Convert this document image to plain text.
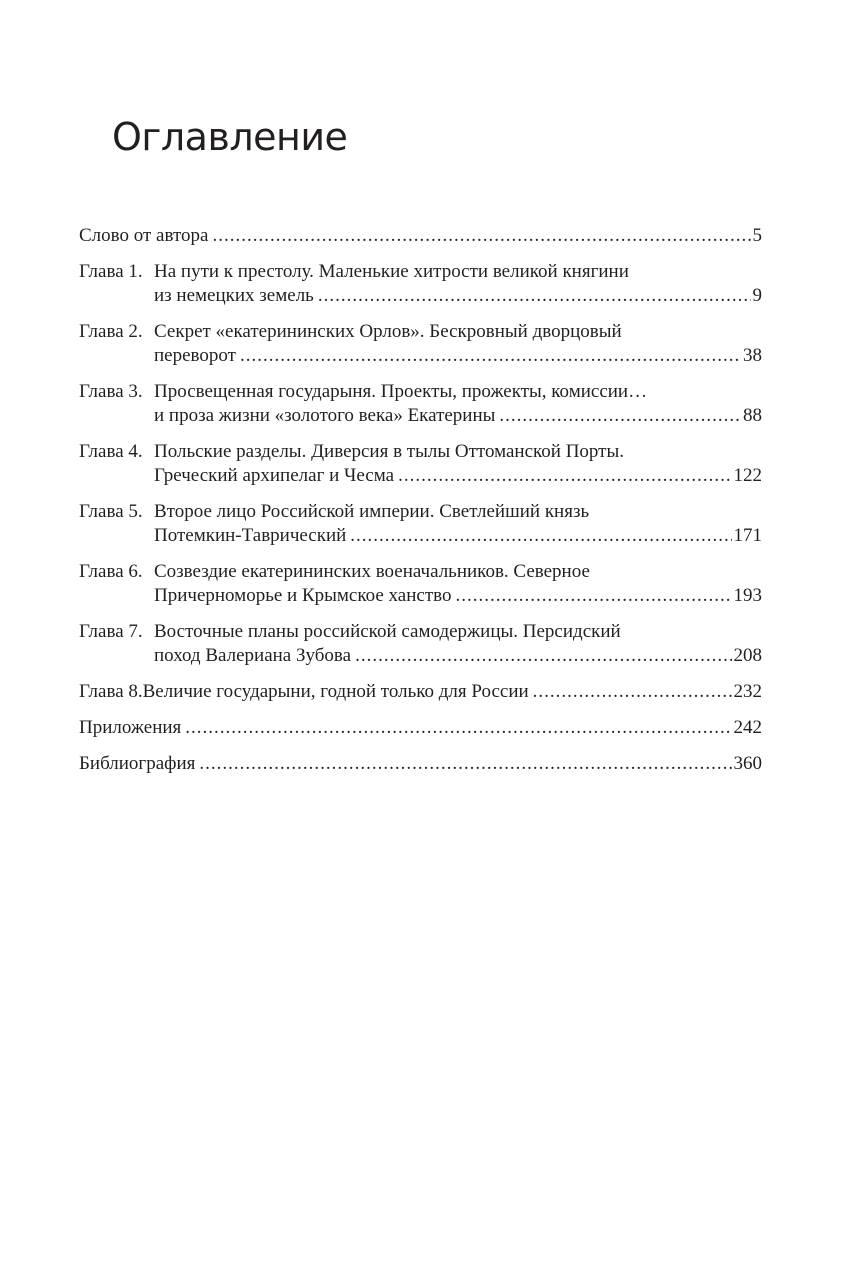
Оглавление
Слово от автора .....	5
Глава 1. На пути к престолу. Маленькие хитрости великой княгини
из немецких земель .....	9
Глава 2. Секрет «екатерининских Орлов». Бескровный дворцовый
переворот .....	38
Глава 3. Просвещенная государыня. Проекты, прожекты, комиссии…
и проза жизни «золотого века» Екатерины .....	88
Глава 4. Польские разделы. Диверсия в тылы Оттоманской Порты.
Греческий архипелаг и Чесма .....	122
Глава 5. Второе лицо Российской империи. Светлейший князь
Потемкин-Таврический .....	171
Глава 6. Созвездие екатерининских военачальников. Северное
Причерноморье и Крымское ханство .....	193
Глава 7. Восточные планы российской самодержицы. Персидский
поход Валериана Зубова .....	208
Глава 8. Величие государыни, годной только для России .....	232
Приложения .....	242
Библиография .....	360
